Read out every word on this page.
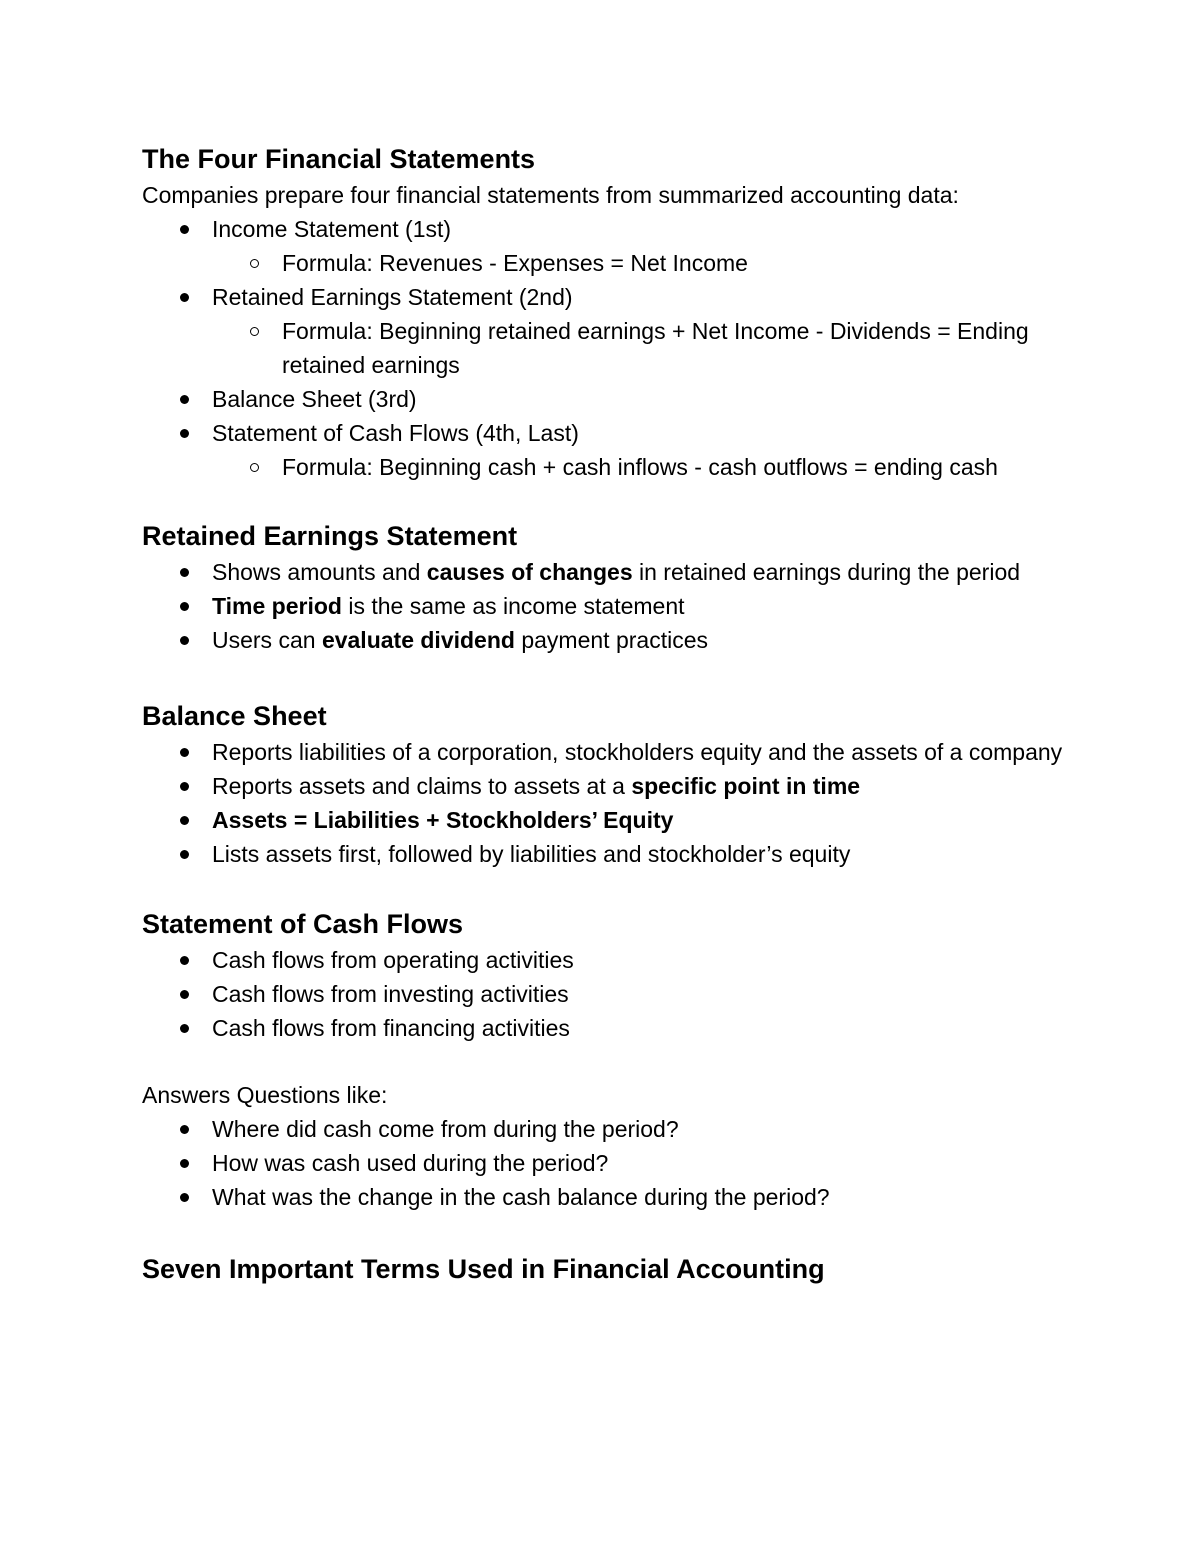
The Four Financial Statements

Companies prepare four financial statements from summarized accounting data:

Income Statement (1st)
Formula: Revenues - Expenses = Net Income
Retained Earnings Statement (2nd)
Formula: Beginning retained earnings + Net Income - Dividends = Ending retained earnings
Balance Sheet (3rd)
Statement of Cash Flows (4th, Last)
Formula: Beginning cash + cash inflows - cash outflows = ending cash
Retained Earnings Statement
Shows amounts and causes of changes in retained earnings during the period
Time period is the same as income statement
Users can evaluate dividend payment practices
Balance Sheet
Reports liabilities of a corporation, stockholders equity and the assets of a company
Reports assets and claims to assets at a specific point in time
Assets = Liabilities + Stockholders’ Equity
Lists assets first, followed by liabilities and stockholder’s equity
Statement of Cash Flows
Cash flows from operating activities
Cash flows from investing activities
Cash flows from financing activities

Answers Questions like:

Where did cash come from during the period?
How was cash used during the period?
What was the change in the cash balance during the period?
Seven Important Terms Used in Financial Accounting
